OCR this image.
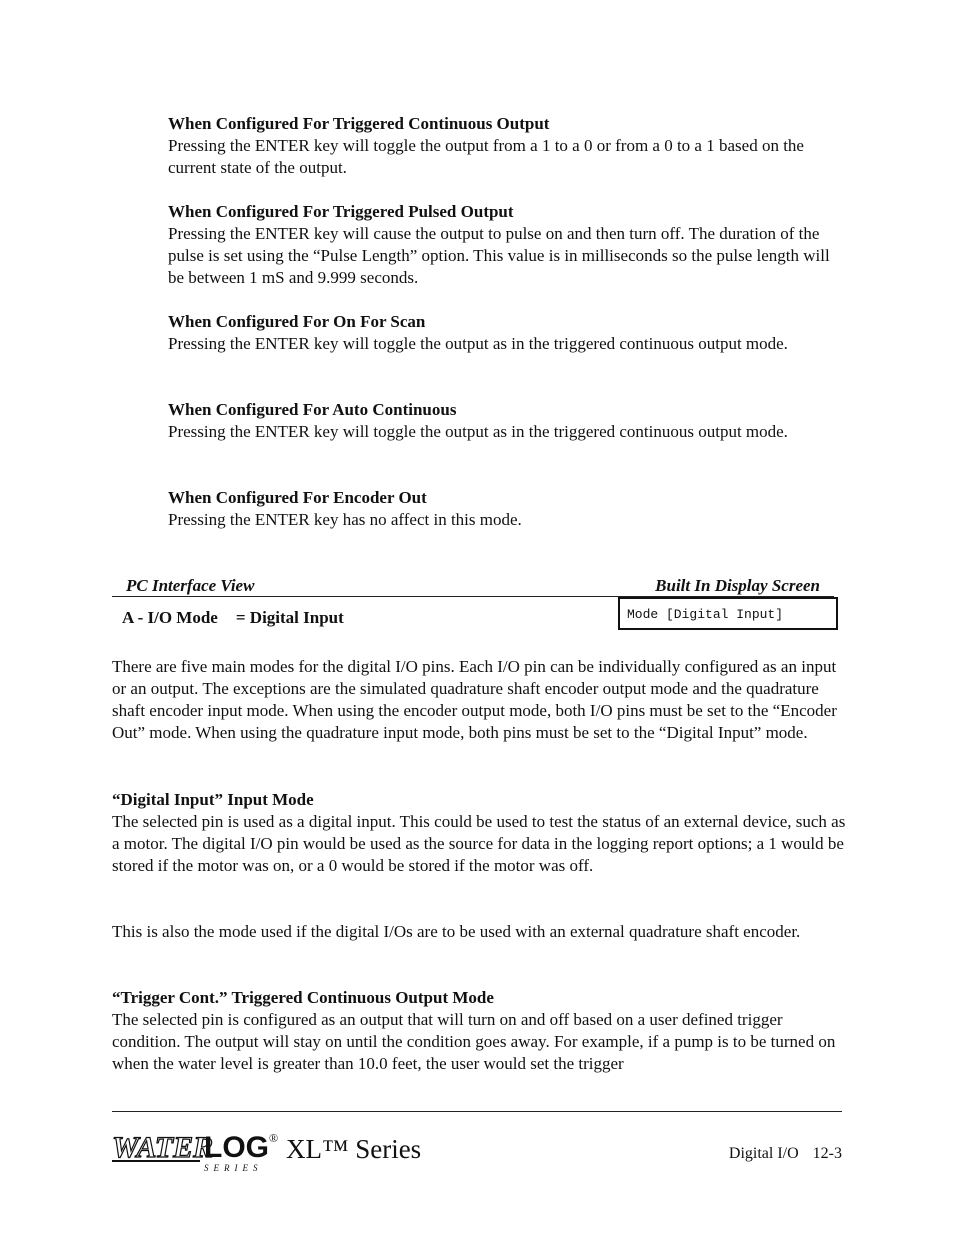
When Configured For Triggered Continuous Output

Pressing the ENTER key will toggle the output from a 1 to a 0 or from a 0 to a 1 based on the current state of the output.

When Configured For Triggered Pulsed Output

Pressing the ENTER key will cause the output to pulse on and then turn off. The duration of the pulse is set using the “Pulse Length” option. This value is in milliseconds so the pulse length will be between 1 mS and 9.999 seconds.

When Configured For On For Scan

Pressing the ENTER key will toggle the output as in the triggered continuous output mode.

When Configured For Auto Continuous

Pressing the ENTER key will toggle the output as in the triggered continuous output mode.

When Configured For Encoder Out

Pressing the ENTER key has no affect in this mode.

PC Interface View	Built In Display Screen
A - I/O Mode = Digital Input	Mode [Digital Input]

There are five main modes for the digital I/O pins. Each I/O pin can be individually configured as an input or an output. The exceptions are the simulated quadrature shaft encoder output mode and the quadrature shaft encoder input mode. When using the encoder output mode, both I/O pins must be set to the “Encoder Out” mode. When using the quadrature input mode, both pins must be set to the “Digital Input” mode.

“Digital Input” Input Mode

The selected pin is used as a digital input. This could be used to test the status of an external device, such as a motor. The digital I/O pin would be used as the source for data in the logging report options; a 1 would be stored if the motor was on, or a 0 would be stored if the motor was off.

This is also the mode used if the digital I/Os are to be used with an external quadrature shaft encoder.

“Trigger Cont.” Triggered Continuous Output Mode

The selected pin is configured as an output that will turn on and off based on a user defined trigger condition. The output will stay on until the condition goes away. For example, if a pump is to be turned on when the water level is greater than 10.0 feet, the user would set the trigger

WATER
LOG ®
SERIES
XL™ Series	Digital I/O 12-3
